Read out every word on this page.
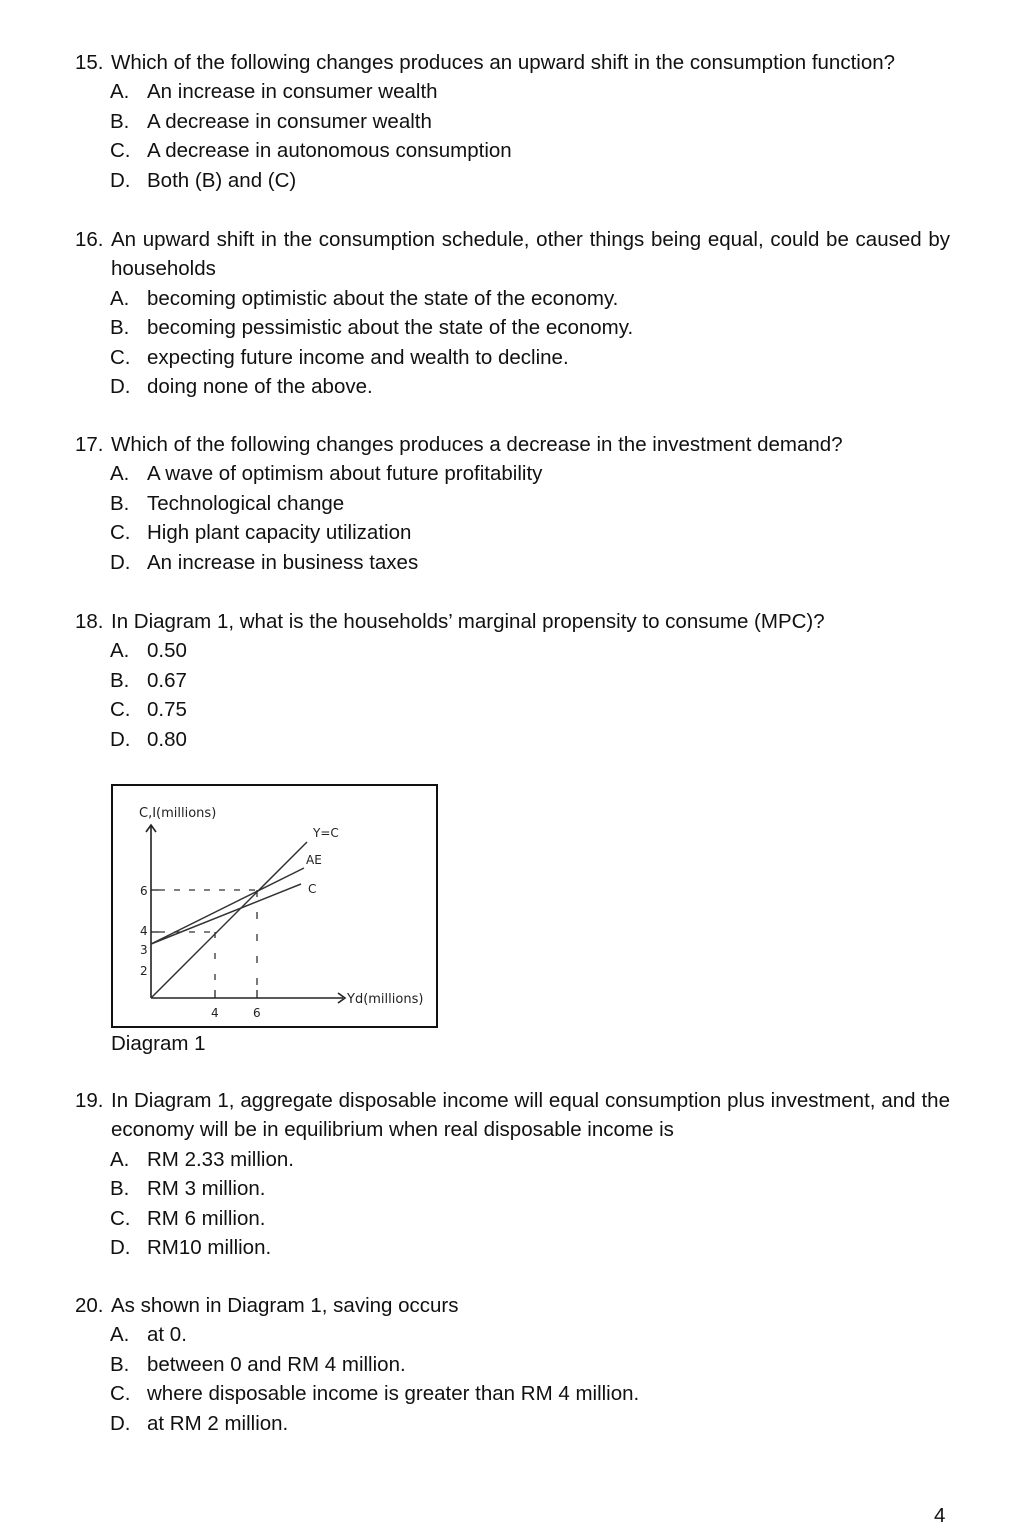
15. Which of the following changes produces an upward shift in the consumption function?
A. An increase in consumer wealth
B. A decrease in consumer wealth
C. A decrease in autonomous consumption
D. Both (B) and (C)
16. An upward shift in the consumption schedule, other things being equal, could be caused by households
A. becoming optimistic about the state of the economy.
B. becoming pessimistic about the state of the economy.
C. expecting future income and wealth to decline.
D. doing none of the above.
17. Which of the following changes produces a decrease in the investment demand?
A. A wave of optimism about future profitability
B. Technological change
C. High plant capacity utilization
D. An increase in business taxes
18. In Diagram 1, what is the households’ marginal propensity to consume (MPC)?
A. 0.50
B. 0.67
C. 0.75
D. 0.80
C,I(millions)
Yd(millions)
Y=C
AE
C
6
4
3
2
4	6
Diagram 1
19. In Diagram 1, aggregate disposable income will equal consumption plus investment, and the economy will be in equilibrium when real disposable income is
A. RM 2.33 million.
B. RM 3 million.
C. RM 6 million.
D. RM10 million.
20. As shown in Diagram 1, saving occurs
A. at 0.
B. between 0 and RM 4 million.
C. where disposable income is greater than RM 4 million.
D. at RM 2 million.
4
